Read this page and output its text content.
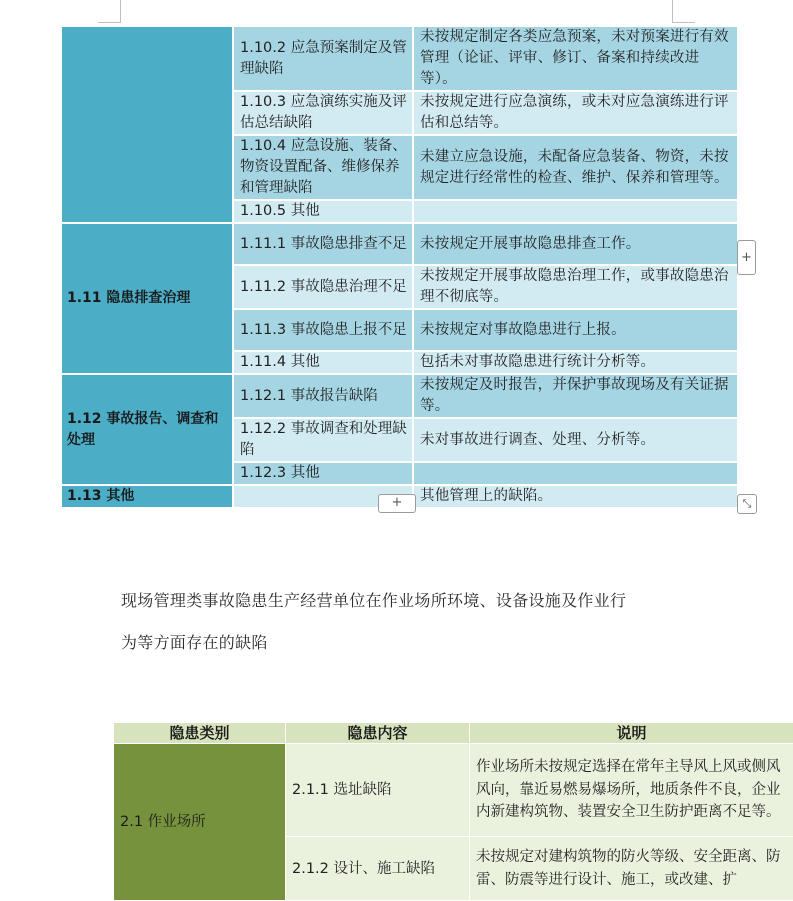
	1.10.2 应急预案制定及管理缺陷	未按规定制定各类应急预案，未对预案进行有效管理（论证、评审、修订、备案和持续改进等）。
	1.10.3 应急演练实施及评估总结缺陷	未按规定进行应急演练，或未对应急演练进行评估和总结等。
	1.10.4 应急设施、装备、物资设置配备、维修保养和管理缺陷	未建立应急设施，未配备应急装备、物资，未按规定进行经常性的检查、维护、保养和管理等。
	1.10.5 其他	
1.11 隐患排查治理	1.11.1 事故隐患排查不足	未按规定开展事故隐患排查工作。
	1.11.2 事故隐患治理不足	未按规定开展事故隐患治理工作，或事故隐患治理不彻底等。
	1.11.3 事故隐患上报不足	未按规定对事故隐患进行上报。
	1.11.4 其他	包括未对事故隐患进行统计分析等。
1.12 事故报告、调查和处理	1.12.1 事故报告缺陷	未按规定及时报告，并保护事故现场及有关证据等。
	1.12.2 事故调查和处理缺陷	未对事故进行调查、处理、分析等。
	1.12.3 其他	
1.13 其他		其他管理上的缺陷。
+
+	⤡
现场管理类事故隐患生产经营单位在作业场所环境、设备设施及作业行
为等方面存在的缺陷
隐患类别	隐患内容	说明
2.1 作业场所	2.1.1 选址缺陷	作业场所未按规定选择在常年主导风上风或侧风风向，靠近易燃易爆场所，地质条件不良，企业内新建构筑物、装置安全卫生防护距离不足等。
	2.1.2 设计、施工缺陷	未按规定对建构筑物的防火等级、安全距离、防雷、防震等进行设计、施工，或改建、扩
